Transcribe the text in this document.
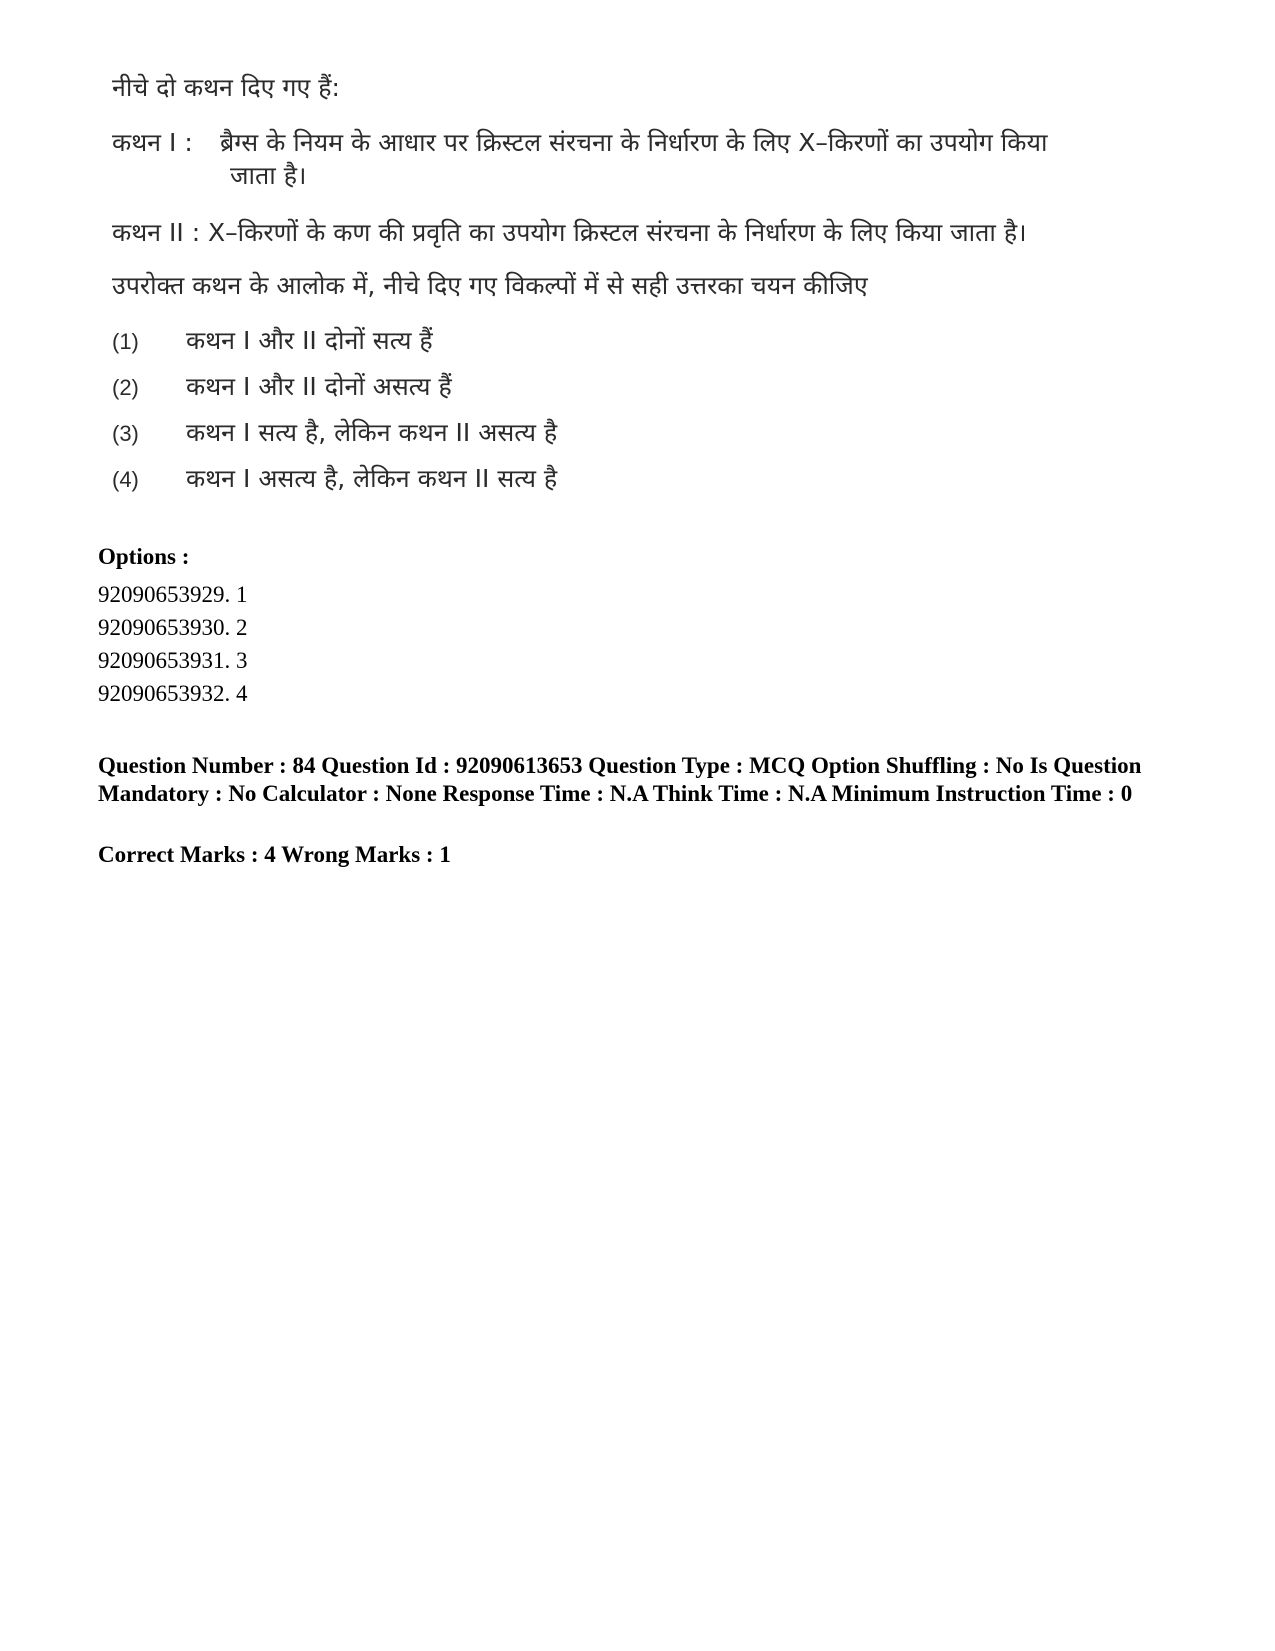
नीचे दो कथन दिए गए हैं:
कथन I : ब्रैग्स के नियम के आधार पर क्रिस्टल संरचना के निर्धारण के लिए X–किरणों का उपयोग किया
जाता है।
कथन II : X–किरणों के कण की प्रवृति का उपयोग क्रिस्टल संरचना के निर्धारण के लिए किया जाता है।
उपरोक्त कथन के आलोक में, नीचे दिए गए विकल्पों में से सही उत्तरका चयन कीजिए
(1) कथन I और II दोनों सत्य हैं
(2) कथन I और II दोनों असत्य हैं
(3) कथन I सत्य है, लेकिन कथन II असत्य है
(4) कथन I असत्य है, लेकिन कथन II सत्य है
Options :
92090653929. 1
92090653930. 2
92090653931. 3
92090653932. 4
Question Number : 84 Question Id : 92090613653 Question Type : MCQ Option Shuffling : No Is Question Mandatory : No Calculator : None Response Time : N.A Think Time : N.A Minimum Instruction Time : 0
Correct Marks : 4 Wrong Marks : 1
